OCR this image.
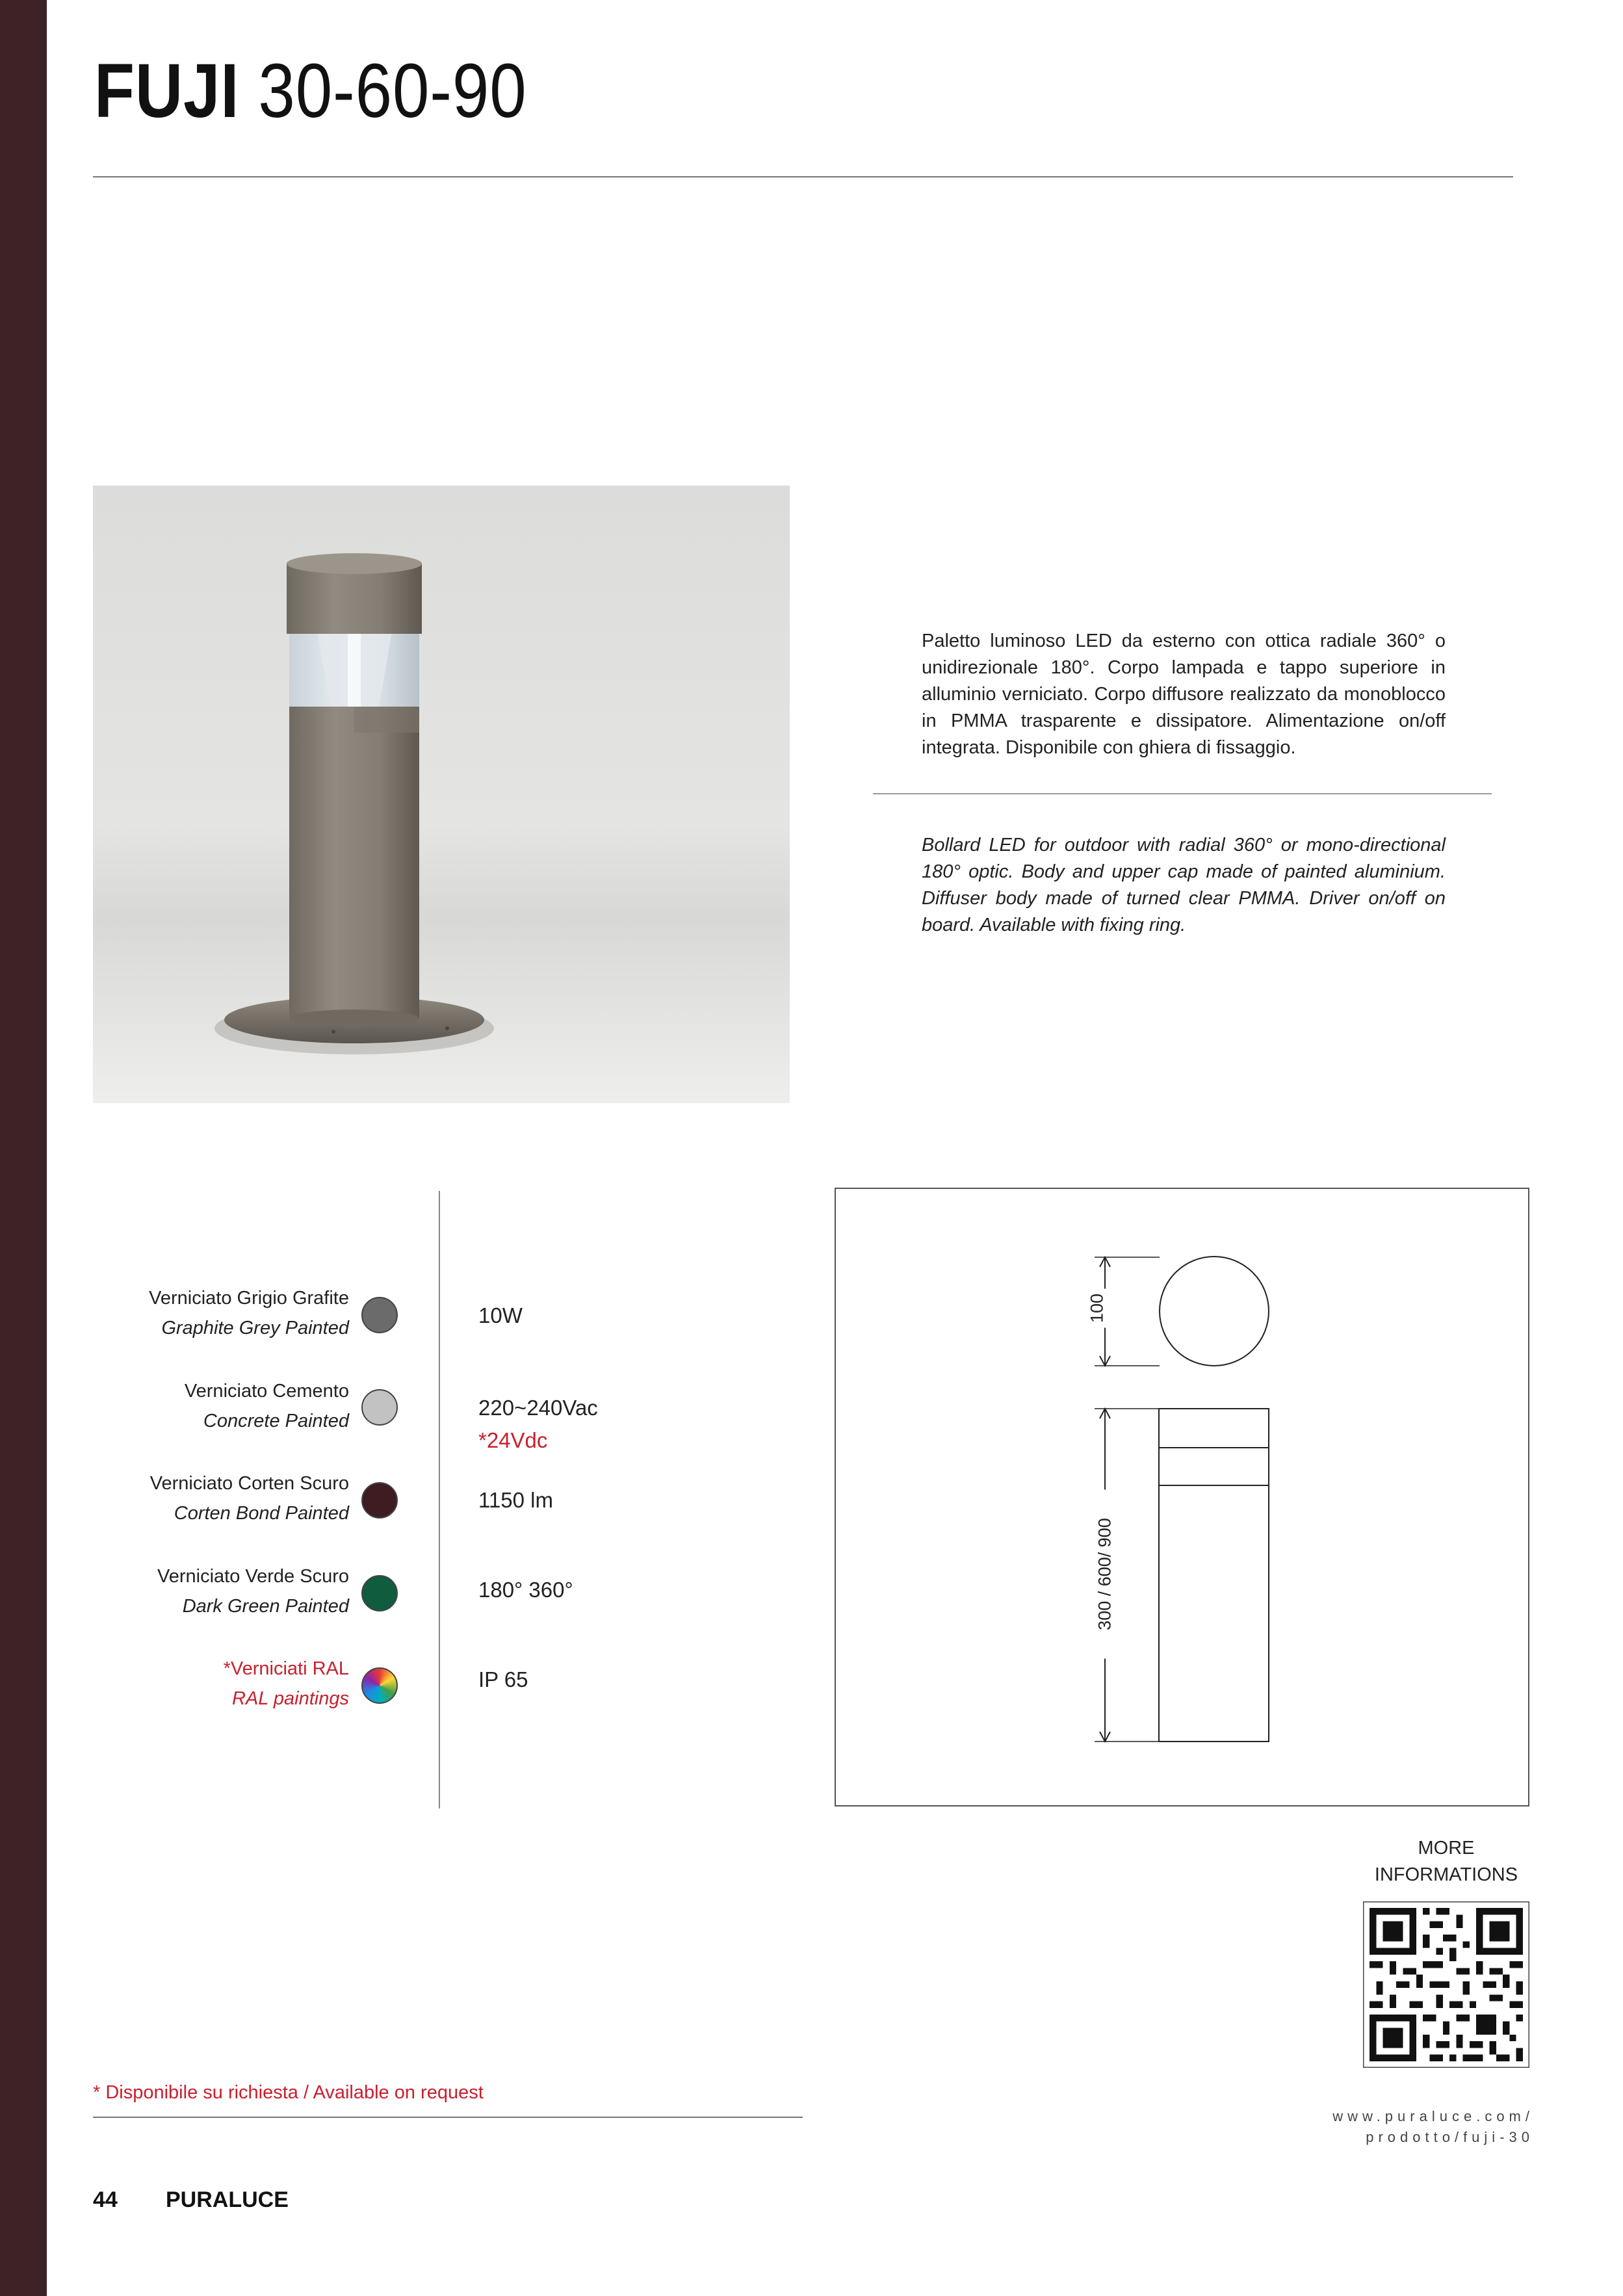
FUJI 30-60-90
Paletto luminoso LED da esterno con ottica radiale 360° o unidirezionale 180°. Corpo lampada e tappo superiore in alluminio verniciato. Corpo diffusore realizzato da monoblocco in PMMA trasparente e dissipatore. Alimentazione on/off integrata. Disponibile con ghiera di fissaggio.
Bollard LED for outdoor with radial 360° or mono-directional 180° optic. Body and upper cap made of painted aluminium. Diffuser body made of turned clear PMMA. Driver on/off on board. Available with fixing ring.
Verniciato Grigio Grafite
Graphite Grey Painted
Verniciato Cemento
Concrete Painted
Verniciato Corten Scuro
Corten Bond Painted
Verniciato Verde Scuro
Dark Green Painted
*Verniciati RAL
RAL paintings
10W
220~240Vac
*24Vdc
1150 lm
180° 360°
IP 65
100
300 / 600/ 900
MORE
INFORMATIONS
www.puraluce.com/
prodotto/fuji-30
* Disponibile su richiesta / Available on request
44 PURALUCE
